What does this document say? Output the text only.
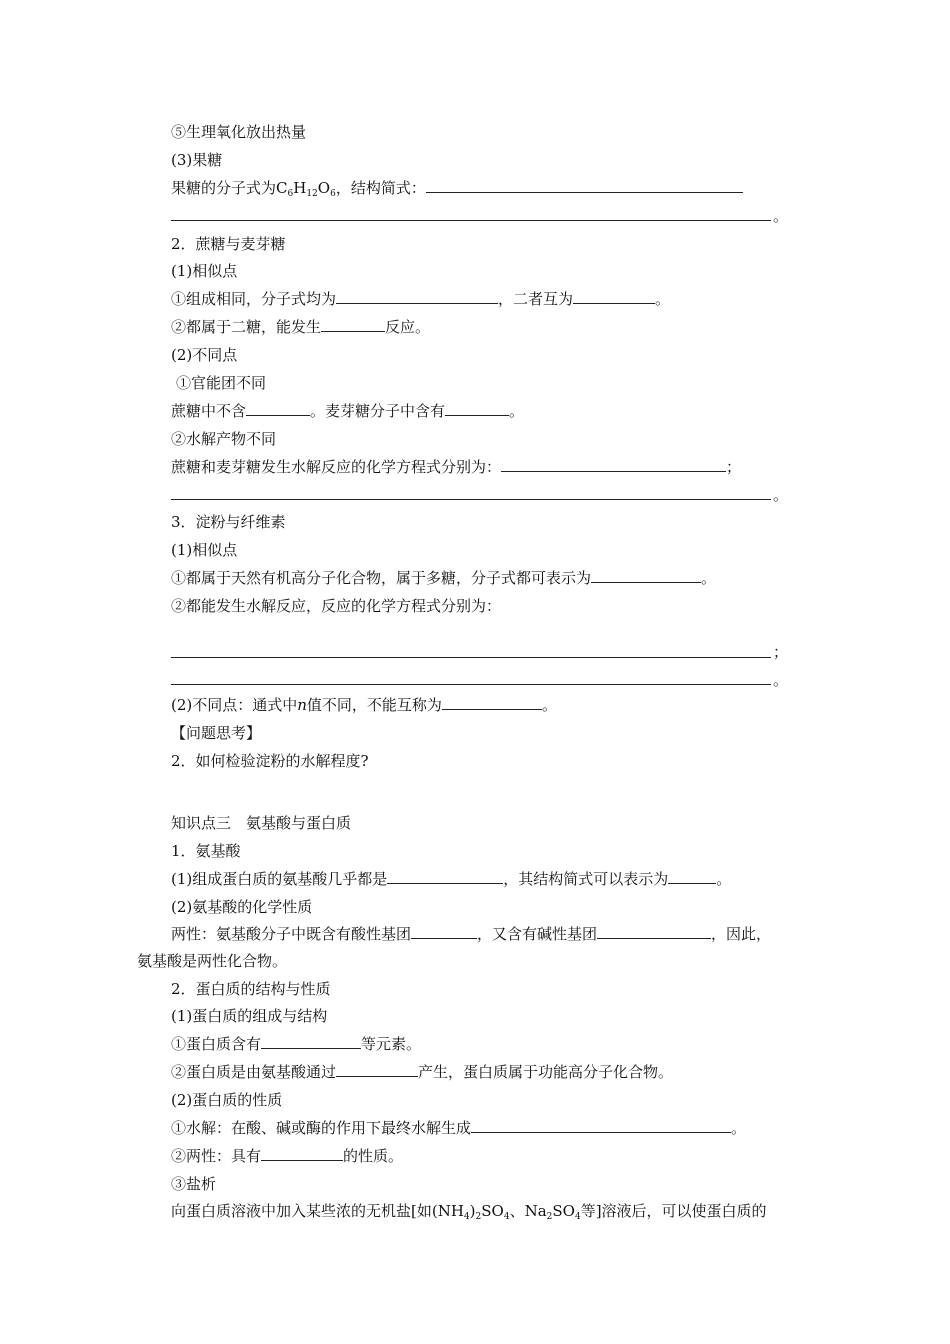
⑤生理氧化放出热量
(3)果糖
果糖的分子式为$C_6H_{12}O_6$，结构简式：
。
2．蔗糖与麦芽糖
(1)相似点
①组成相同，分子式均为	，二者互为	。
②都属于二糖，能发生	反应。
(2)不同点
①官能团不同
蔗糖中不含	。麦芽糖分子中含有	。
②水解产物不同
蔗糖和麦芽糖发生水解反应的化学方程式分别为：	；
。
3．淀粉与纤维素
(1)相似点
①都属于天然有机高分子化合物，属于多糖，分子式都可表示为	。
②都能发生水解反应，反应的化学方程式分别为：
；
。
(2)不同点：通式中n值不同，不能互称为	。
【问题思考】
2．如何检验淀粉的水解程度?
知识点三　氨基酸与蛋白质
1．氨基酸
(1)组成蛋白质的氨基酸几乎都是	，其结构简式可以表示为	。
(2)氨基酸的化学性质
两性：氨基酸分子中既含有酸性基团	，又含有碱性基团	，因此，
氨基酸是两性化合物。
2．蛋白质的结构与性质
(1)蛋白质的组成与结构
①蛋白质含有	等元素。
②蛋白质是由氨基酸通过	产生，蛋白质属于功能高分子化合物。
(2)蛋白质的性质
①水解：在酸、碱或酶的作用下最终水解生成	。
②两性：具有	的性质。
③盐析
向蛋白质溶液中加入某些浓的无机盐[如$(NH_4)_2SO_4$、$Na_2SO_4$等]溶液后，可以使蛋白质的
